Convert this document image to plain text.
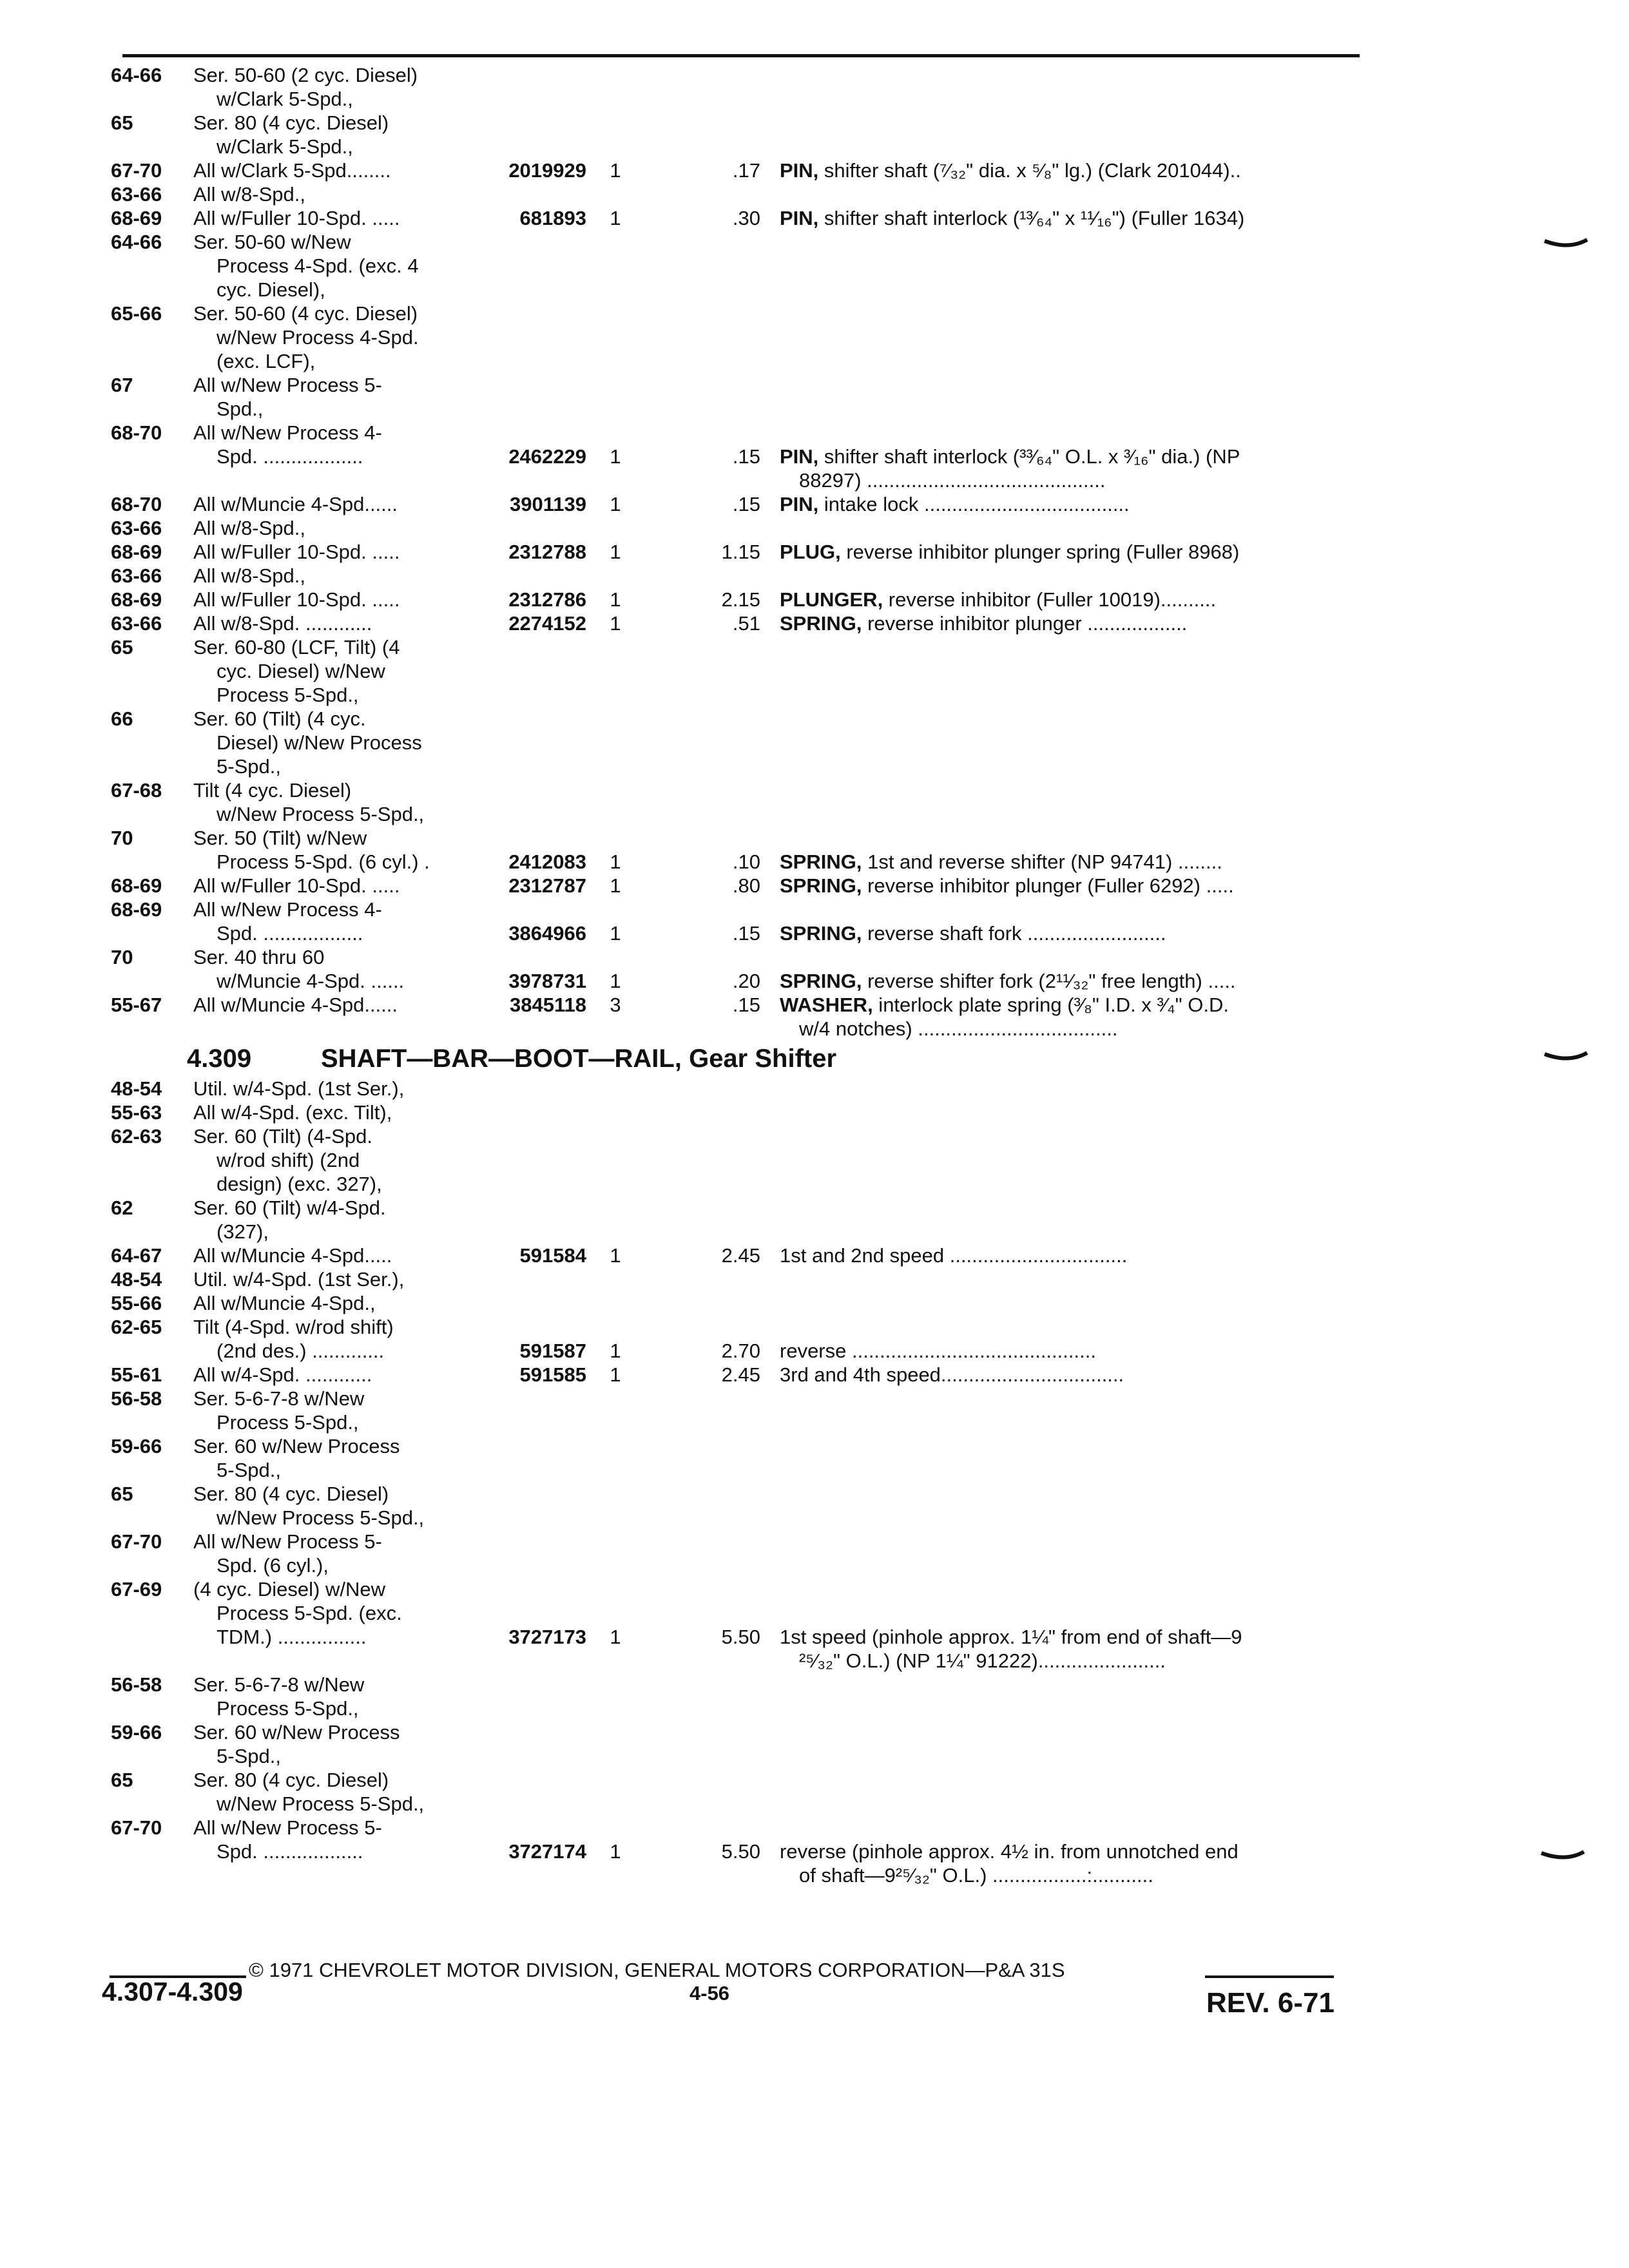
64-66 Ser. 50-60 (2 cyc. Diesel)
w/Clark 5-Spd.,
65	Ser. 80 (4 cyc. Diesel)
w/Clark 5-Spd.,
67-70 All w/Clark 5-Spd........	2019929	1	.17 PIN, shifter shaft (⁷⁄₃₂" dia. x ⁵⁄₈" lg.) (Clark 201044)..
63-66 All w/8-Spd.,
68-69 All w/Fuller 10-Spd. .....	681893	1	.30 PIN, shifter shaft interlock (¹³⁄₆₄" x ¹¹⁄₁₆") (Fuller 1634)
64-66 Ser. 50-60 w/New
Process 4-Spd. (exc. 4
cyc. Diesel),
65-66 Ser. 50-60 (4 cyc. Diesel)
w/New Process 4-Spd.
(exc. LCF),
67	All w/New Process 5-
Spd.,
68-70 All w/New Process 4-
Spd. ..................	2462229	1	.15 PIN, shifter shaft interlock (³³⁄₆₄" O.L. x ³⁄₁₆" dia.) (NP
88297) ...........................................
68-70 All w/Muncie 4-Spd......	3901139	1	.15 PIN, intake lock .....................................
63-66 All w/8-Spd.,
68-69 All w/Fuller 10-Spd. .....	2312788	1	1.15 PLUG, reverse inhibitor plunger spring (Fuller 8968)
63-66 All w/8-Spd.,
68-69 All w/Fuller 10-Spd. .....	2312786	1	2.15 PLUNGER, reverse inhibitor (Fuller 10019)..........
63-66 All w/8-Spd. ............	2274152	1	.51 SPRING, reverse inhibitor plunger ..................
65	Ser. 60-80 (LCF, Tilt) (4
cyc. Diesel) w/New
Process 5-Spd.,
66	Ser. 60 (Tilt) (4 cyc.
Diesel) w/New Process
5-Spd.,
67-68 Tilt (4 cyc. Diesel)
w/New Process 5-Spd.,
70	Ser. 50 (Tilt) w/New
Process 5-Spd. (6 cyl.) .	2412083	1	.10 SPRING, 1st and reverse shifter (NP 94741) ........
68-69 All w/Fuller 10-Spd. .....	2312787	1	.80 SPRING, reverse inhibitor plunger (Fuller 6292) .....
68-69 All w/New Process 4-
Spd. ..................	3864966	1	.15 SPRING, reverse shaft fork .........................
70	Ser. 40 thru 60
w/Muncie 4-Spd. ......	3978731	1	.20 SPRING, reverse shifter fork (2¹¹⁄₃₂" free length) .....
55-67 All w/Muncie 4-Spd......	3845118	3	.15 WASHER, interlock plate spring (³⁄₈" I.D. x ³⁄₄" O.D.
w/4 notches) ....................................
4.309	SHAFT—BAR—BOOT—RAIL, Gear Shifter
48-54 Util. w/4-Spd. (1st Ser.),
55-63 All w/4-Spd. (exc. Tilt),
62-63 Ser. 60 (Tilt) (4-Spd.
w/rod shift) (2nd
design) (exc. 327),
62	Ser. 60 (Tilt) w/4-Spd.
(327),
64-67 All w/Muncie 4-Spd.....	591584	1	2.45 1st and 2nd speed ................................
48-54 Util. w/4-Spd. (1st Ser.),
55-66 All w/Muncie 4-Spd.,
62-65 Tilt (4-Spd. w/rod shift)
(2nd des.) .............	591587	1	2.70 reverse ............................................
55-61 All w/4-Spd. ............	591585	1	2.45 3rd and 4th speed.................................
56-58 Ser. 5-6-7-8 w/New
Process 5-Spd.,
59-66 Ser. 60 w/New Process
5-Spd.,
65	Ser. 80 (4 cyc. Diesel)
w/New Process 5-Spd.,
67-70 All w/New Process 5-
Spd. (6 cyl.),
67-69 (4 cyc. Diesel) w/New
Process 5-Spd. (exc.
TDM.) ................	3727173	1	5.50 1st speed (pinhole approx. 1¼" from end of shaft—9
²⁵⁄₃₂" O.L.) (NP 1¼" 91222).......................
56-58 Ser. 5-6-7-8 w/New
Process 5-Spd.,
59-66 Ser. 60 w/New Process
5-Spd.,
65	Ser. 80 (4 cyc. Diesel)
w/New Process 5-Spd.,
67-70 All w/New Process 5-
Spd. ..................	3727174	1	5.50 reverse (pinhole approx. 4½ in. from unnotched end
of shaft—9²⁵⁄₃₂" O.L.) .................:...........
© 1971 CHEVROLET MOTOR DIVISION, GENERAL MOTORS CORPORATION—P&A 31S
4.307-4.309	4-56	REV. 6-71
